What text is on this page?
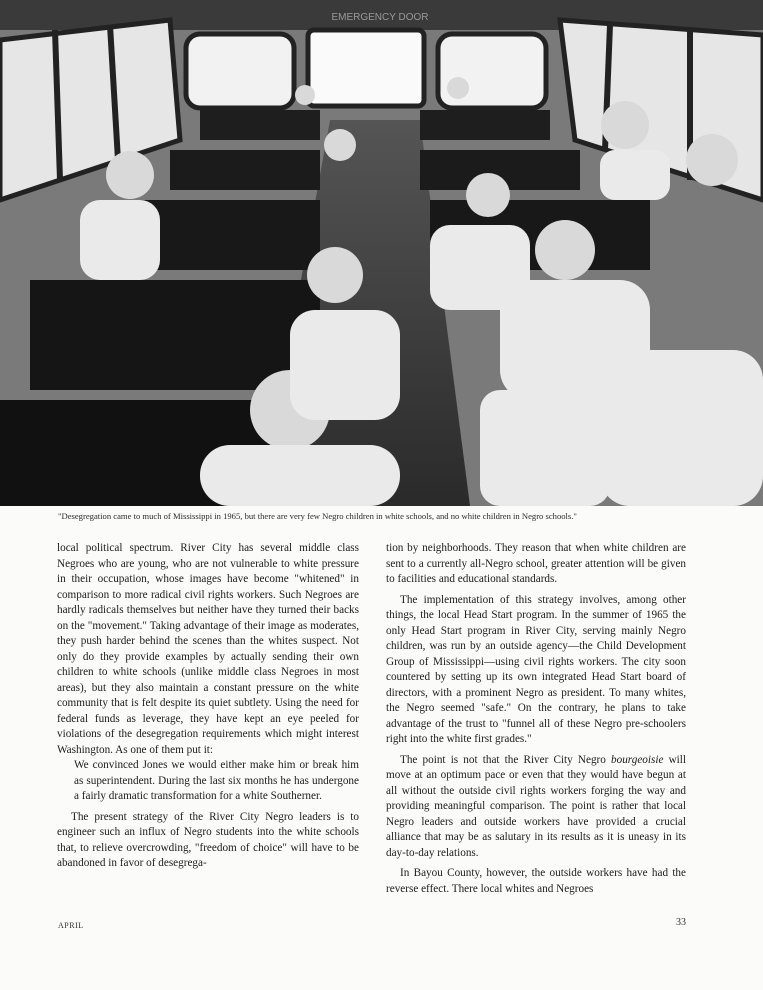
EMERGENCY DOOR
"Desegregation came to much of Mississippi in 1965, but there are very few Negro children in white schools, and no white children in Negro schools."

local political spectrum. River City has several middle class Negroes who are young, who are not vulnerable to white pressure in their occupation, whose images have become "whitened" in comparison to more radical civil rights workers. Such Negroes are hardly radicals themselves but neither have they turned their backs on the "movement." Taking advantage of their image as moderates, they push harder behind the scenes than the whites suspect. Not only do they provide examples by actually sending their own children to white schools (unlike middle class Negroes in most areas), but they also maintain a constant pressure on the white community that is felt despite its quiet subtlety. Using the need for federal funds as leverage, they have kept an eye peeled for violations of the desegregation requirements which might interest Washington. As one of them put it:

We convinced Jones we would either make him or break him as superintendent. During the last six months he has undergone a fairly dramatic transformation for a white Southerner.

The present strategy of the River City Negro leaders is to engineer such an influx of Negro students into the white schools that, to relieve overcrowding, "freedom of choice" will have to be abandoned in favor of desegrega-

tion by neighborhoods. They reason that when white children are sent to a currently all-Negro school, greater attention will be given to facilities and educational standards.

The implementation of this strategy involves, among other things, the local Head Start program. In the summer of 1965 the only Head Start program in River City, serving mainly Negro children, was run by an outside agency—the Child Development Group of Mississippi—using civil rights workers. The city soon countered by setting up its own integrated Head Start board of directors, with a prominent Negro as president. To many whites, the Negro seemed "safe." On the contrary, he plans to take advantage of the trust to "funnel all of these Negro pre-schoolers right into the white first grades."

The point is not that the River City Negro bourgeoisie will move at an optimum pace or even that they would have begun at all without the outside civil rights workers forging the way and providing meaningful comparison. The point is rather that local Negro leaders and outside workers have provided a crucial alliance that may be as salutary in its results as it is uneasy in its day-to-day relations.

In Bayou County, however, the outside workers have had the reverse effect. There local whites and Negroes

APRIL	33
